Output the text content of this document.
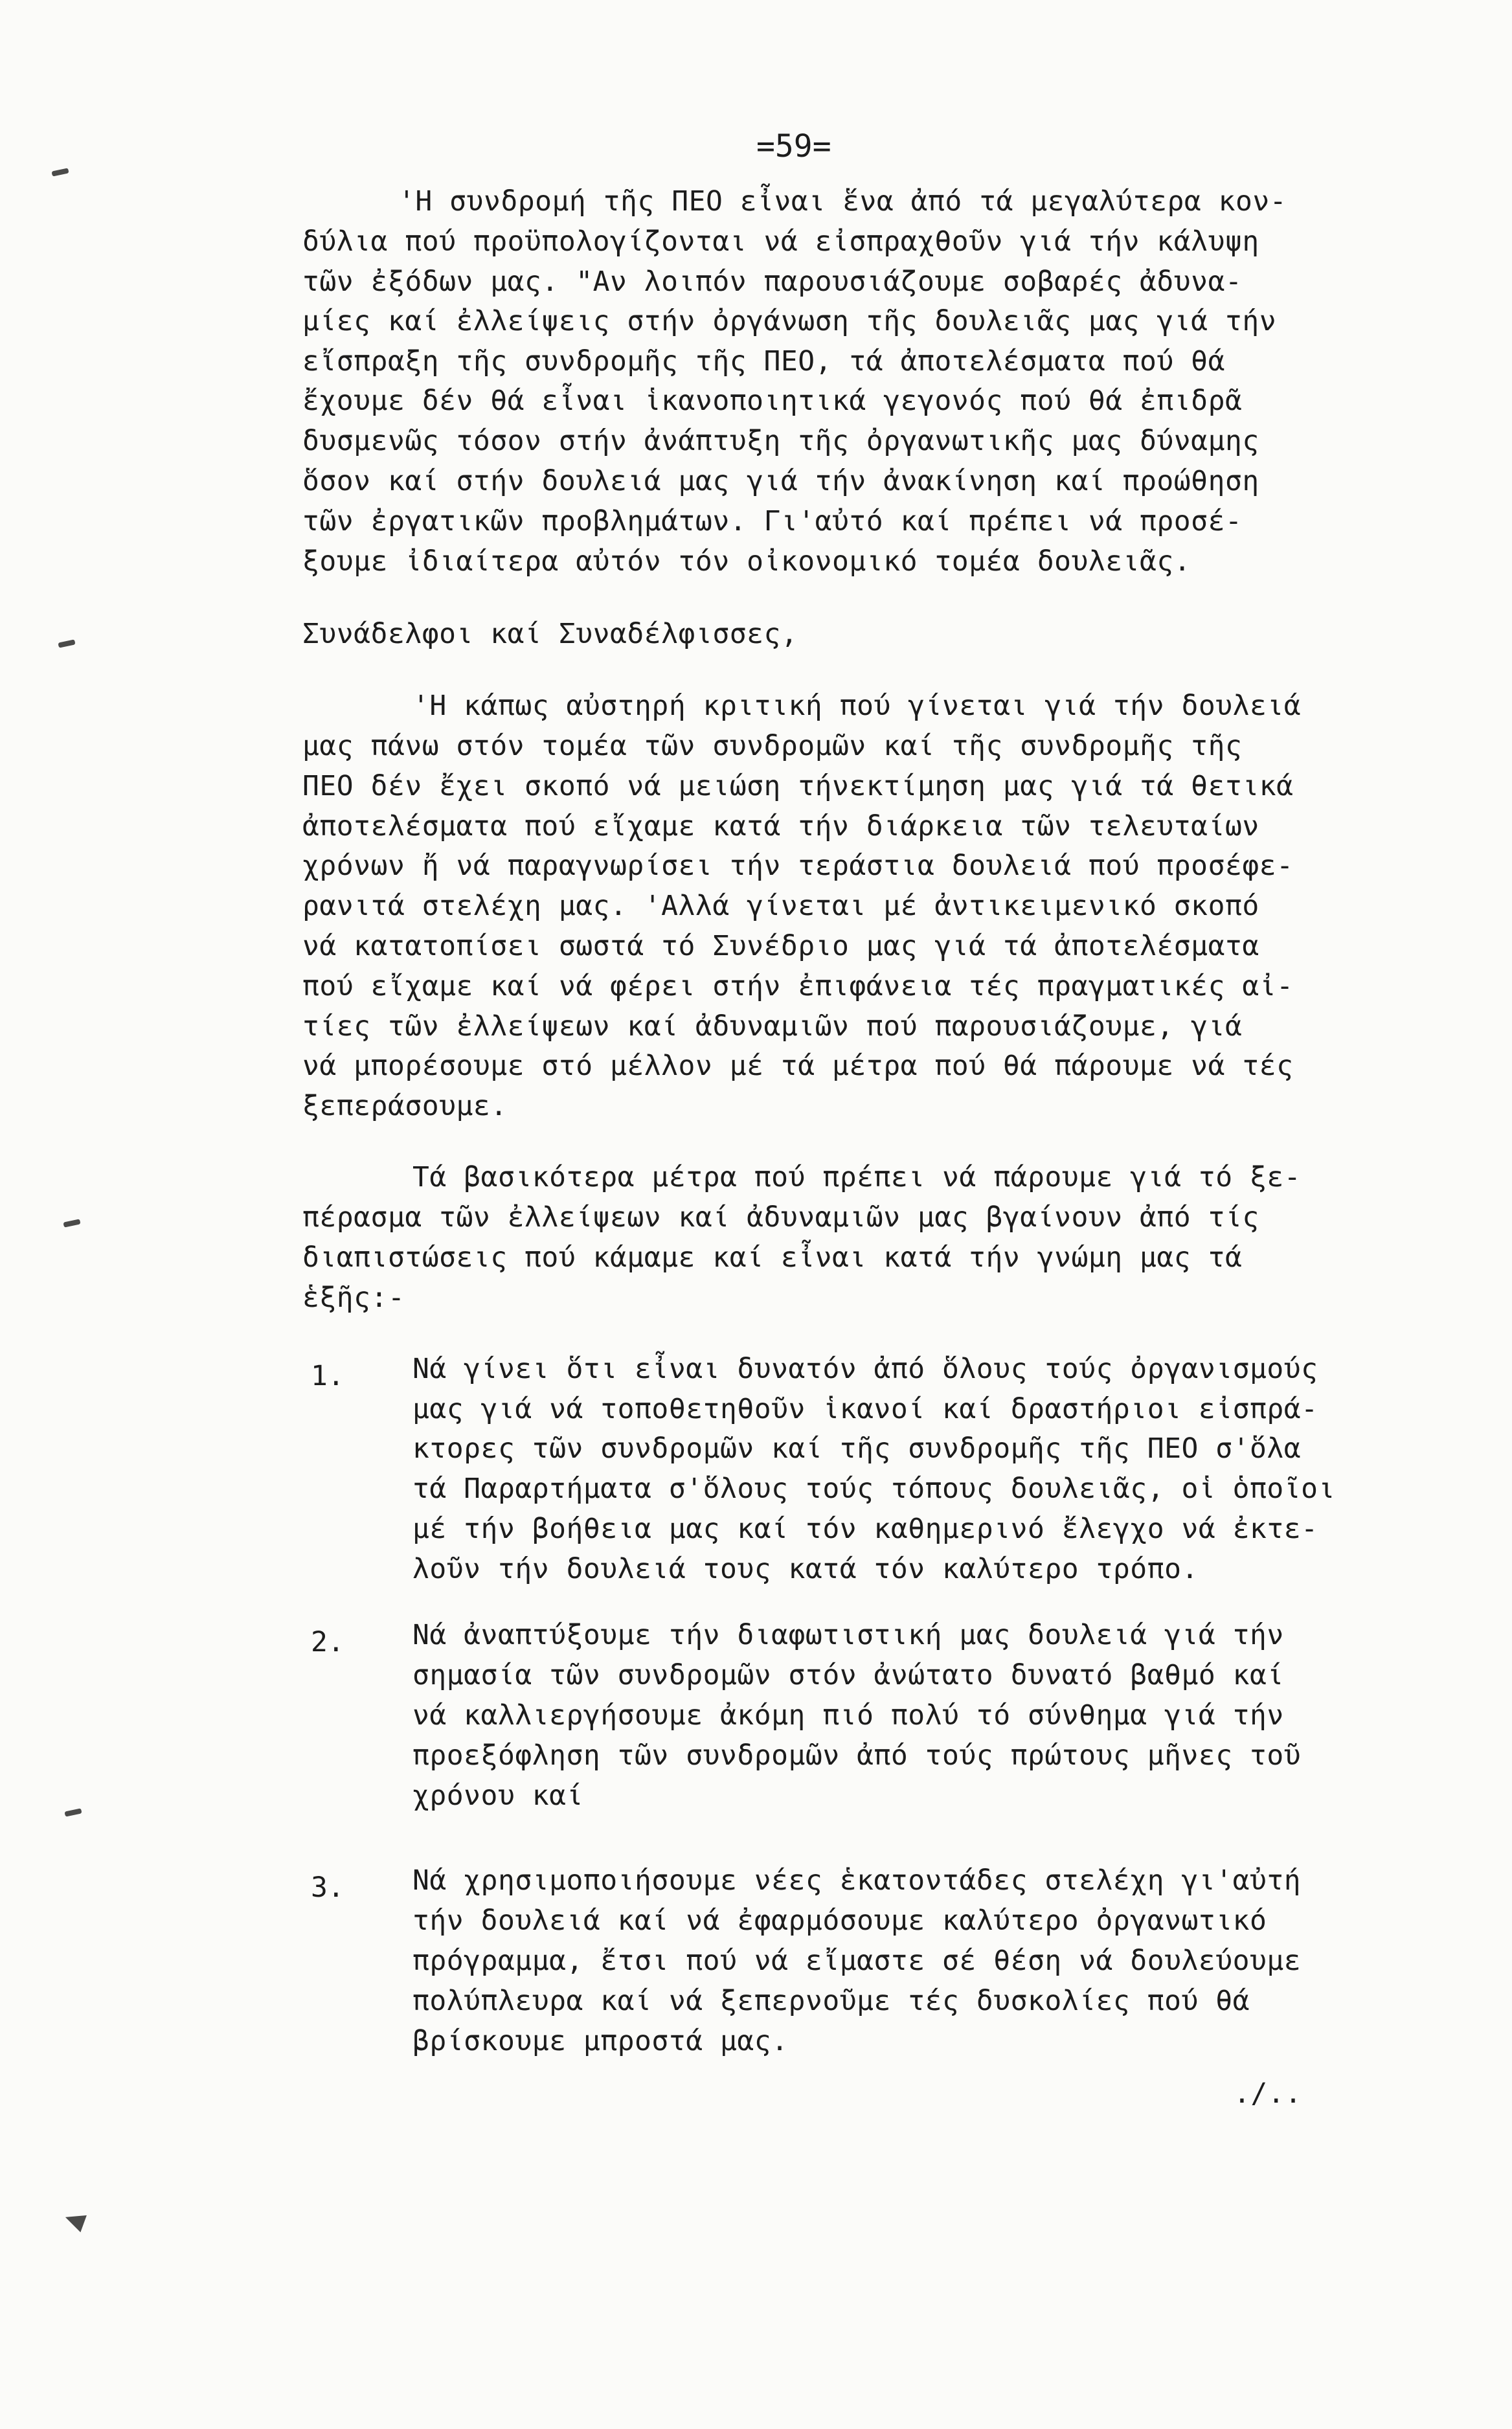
=59=
'Η συνδρομή τῆς ΠΕΟ εἶναι ἕνα ἀπό τά μεγαλύτερα κον-
δύλια πού προϋπολογίζονται νά εἰσπραχθοῦν γιά τήν κάλυψη
τῶν ἐξόδων μας. "Αν λοιπόν παρουσιάζουμε σοβαρές ἀδυνα-
μίες καί ἐλλείψεις στήν ὀργάνωση τῆς δουλειᾶς μας γιά τήν
εἴσπραξη τῆς συνδρομῆς τῆς ΠΕΟ, τά ἀποτελέσματα πού θά
ἔχουμε δέν θά εἶναι ἱκανοποιητικά γεγονός πού θά ἐπιδρᾶ
δυσμενῶς τόσον στήν ἀνάπτυξη τῆς ὀργανωτικῆς μας δύναμης
ὅσον καί στήν δουλειά μας γιά τήν ἀνακίνηση καί προώθηση
τῶν ἐργατικῶν προβλημάτων. Γι'αὐτό καί πρέπει νά προσέ-
ξουμε ἰδιαίτερα αὐτόν τόν οἰκονομικό τομέα δουλειᾶς.
Συνάδελφοι καί Συναδέλφισσες,
'Η κάπως αὐστηρή κριτική πού γίνεται γιά τήν δουλειά
μας πάνω στόν τομέα τῶν συνδρομῶν καί τῆς συνδρομῆς τῆς
ΠΕΟ δέν ἔχει σκοπό νά μειώση τήνεκτίμηση μας γιά τά θετικά
ἀποτελέσματα πού εἴχαμε κατά τήν διάρκεια τῶν τελευταίων
χρόνων ἤ νά παραγνωρίσει τήν τεράστια δουλειά πού προσέφε-
ρανιτά στελέχη μας. 'Αλλά γίνεται μέ ἀντικειμενικό σκοπό
νά κατατοπίσει σωστά τό Συνέδριο μας γιά τά ἀποτελέσματα
πού εἴχαμε καί νά φέρει στήν ἐπιφάνεια τές πραγματικές αἰ-
τίες τῶν ἐλλείψεων καί ἀδυναμιῶν πού παρουσιάζουμε, γιά
νά μπορέσουμε στό μέλλον μέ τά μέτρα πού θά πάρουμε νά τές
ξεπεράσουμε.
Τά βασικότερα μέτρα πού πρέπει νά πάρουμε γιά τό ξε-
πέρασμα τῶν ἐλλείψεων καί ἀδυναμιῶν μας βγαίνουν ἀπό τίς
διαπιστώσεις πού κάμαμε καί εἶναι κατά τήν γνώμη μας τά
ἑξῆς:-
1. Νά γίνει ὅτι εἶναι δυνατόν ἀπό ὅλους τούς ὀργανισμούς
μας γιά νά τοποθετηθοῦν ἱκανοί καί δραστήριοι εἰσπρά-
κτορες τῶν συνδρομῶν καί τῆς συνδρομῆς τῆς ΠΕΟ σ'ὅλα
τά Παραρτήματα σ'ὅλους τούς τόπους δουλειᾶς, οἱ ὁποῖοι
μέ τήν βοήθεια μας καί τόν καθημερινό ἔλεγχο νά ἐκτε-
λοῦν τήν δουλειά τους κατά τόν καλύτερο τρόπο.
2. Νά ἀναπτύξουμε τήν διαφωτιστική μας δουλειά γιά τήν
σημασία τῶν συνδρομῶν στόν ἀνώτατο δυνατό βαθμό καί
νά καλλιεργήσουμε ἀκόμη πιό πολύ τό σύνθημα γιά τήν
προεξόφληση τῶν συνδρομῶν ἀπό τούς πρώτους μῆνες τοῦ
χρόνου καί
3. Νά χρησιμοποιήσουμε νέες ἑκατοντάδες στελέχη γι'αὐτή
τήν δουλειά καί νά ἐφαρμόσουμε καλύτερο ὀργανωτικό
πρόγραμμα, ἔτσι πού νά εἴμαστε σέ θέση νά δουλεύουμε
πολύπλευρα καί νά ξεπερνοῦμε τές δυσκολίες πού θά
βρίσκουμε μπροστά μας.
./..
